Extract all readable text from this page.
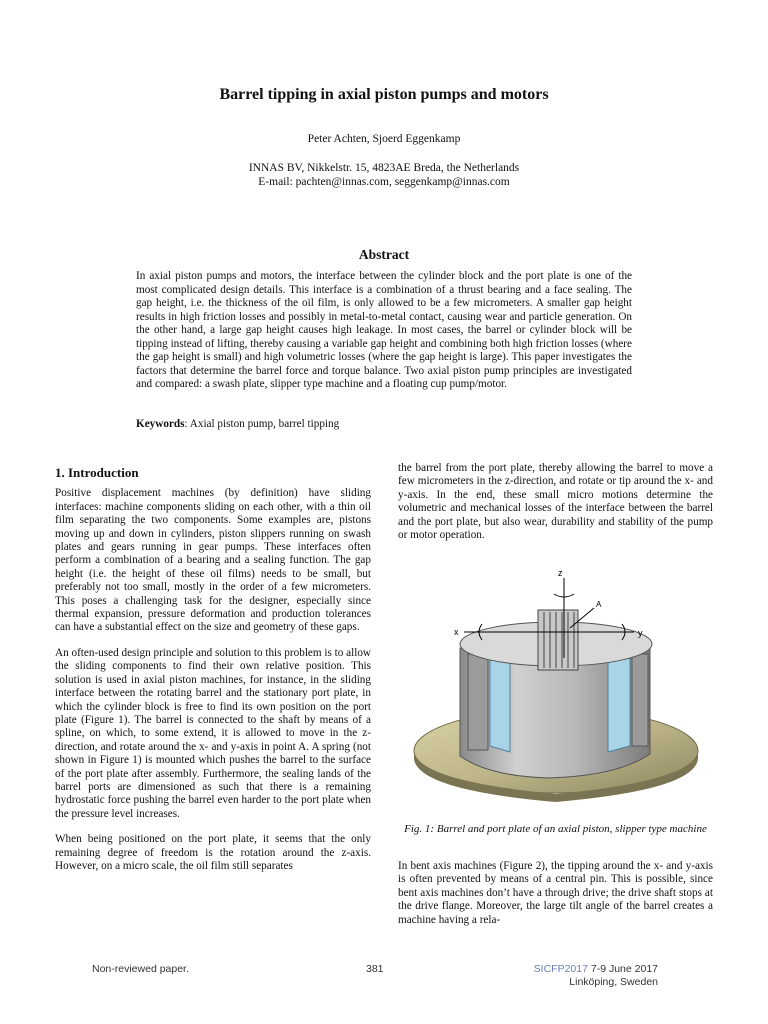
Barrel tipping in axial piston pumps and motors
Peter Achten, Sjoerd Eggenkamp
INNAS BV, Nikkelstr. 15, 4823AE Breda, the Netherlands
E-mail: pachten@innas.com, seggenkamp@innas.com
Abstract
In axial piston pumps and motors, the interface between the cylinder block and the port plate is one of the most complicated design details. This interface is a combination of a thrust bearing and a face sealing. The gap height, i.e. the thickness of the oil film, is only allowed to be a few micrometers. A smaller gap height results in high friction losses and possibly in metal-to-metal contact, causing wear and particle generation. On the other hand, a large gap height causes high leakage. In most cases, the barrel or cylinder block will be tipping instead of lifting, thereby causing a variable gap height and combining both high friction losses (where the gap height is small) and high volumetric losses (where the gap height is large). This paper investigates the factors that determine the barrel force and torque balance. Two axial piston pump principles are investigated and compared: a swash plate, slipper type machine and a floating cup pump/motor.
Keywords: Axial piston pump, barrel tipping
1. Introduction

Positive displacement machines (by definition) have sliding interfaces: machine components sliding on each other, with a thin oil film separating the two components. Some examples are, pistons moving up and down in cylinders, piston slippers running on swash plates and gears running in gear pumps. These interfaces often perform a combination of a bearing and a sealing function. The gap height (i.e. the height of these oil films) needs to be small, but preferably not too small, mostly in the order of a few micrometers. This poses a challenging task for the designer, especially since thermal expansion, pressure deformation and production tolerances can have a substantial effect on the size and geometry of these gaps.

An often-used design principle and solution to this problem is to allow the sliding components to find their own relative position. This solution is used in axial piston machines, for instance, in the sliding interface between the rotating barrel and the stationary port plate, in which the cylinder block is free to find its own position on the port plate (Figure 1). The barrel is connected to the shaft by means of a spline, on which, to some extend, it is allowed to move in the z-direction, and rotate around the x- and y-axis in point A. A spring (not shown in Figure 1) is mounted which pushes the barrel to the surface of the port plate after assembly. Furthermore, the sealing lands of the barrel ports are dimensioned as such that there is a remaining hydrostatic force pushing the barrel even harder to the port plate when the pressure level increases.

When being positioned on the port plate, it seems that the only remaining degree of freedom is the rotation around the z-axis. However, on a micro scale, the oil film still separates

the barrel from the port plate, thereby allowing the barrel to move a few micrometers in the z-direction, and rotate or tip around the x- and y-axis. In the end, these small micro motions determine the volumetric and mechanical losses of the interface between the barrel and the port plate, but also wear, durability and stability of the pump or motor operation.

z
x	y
A
Fig. 1: Barrel and port plate of an axial piston, slipper type machine

In bent axis machines (Figure 2), the tipping around the x- and y-axis is often prevented by means of a central pin. This is possible, since bent axis machines don’t have a through drive; the drive shaft stops at the drive flange. Moreover, the large tilt angle of the barrel creates a machine having a rela-

Non-reviewed paper.	381	SICFP2017 7-9 June 2017
Linköping, Sweden
